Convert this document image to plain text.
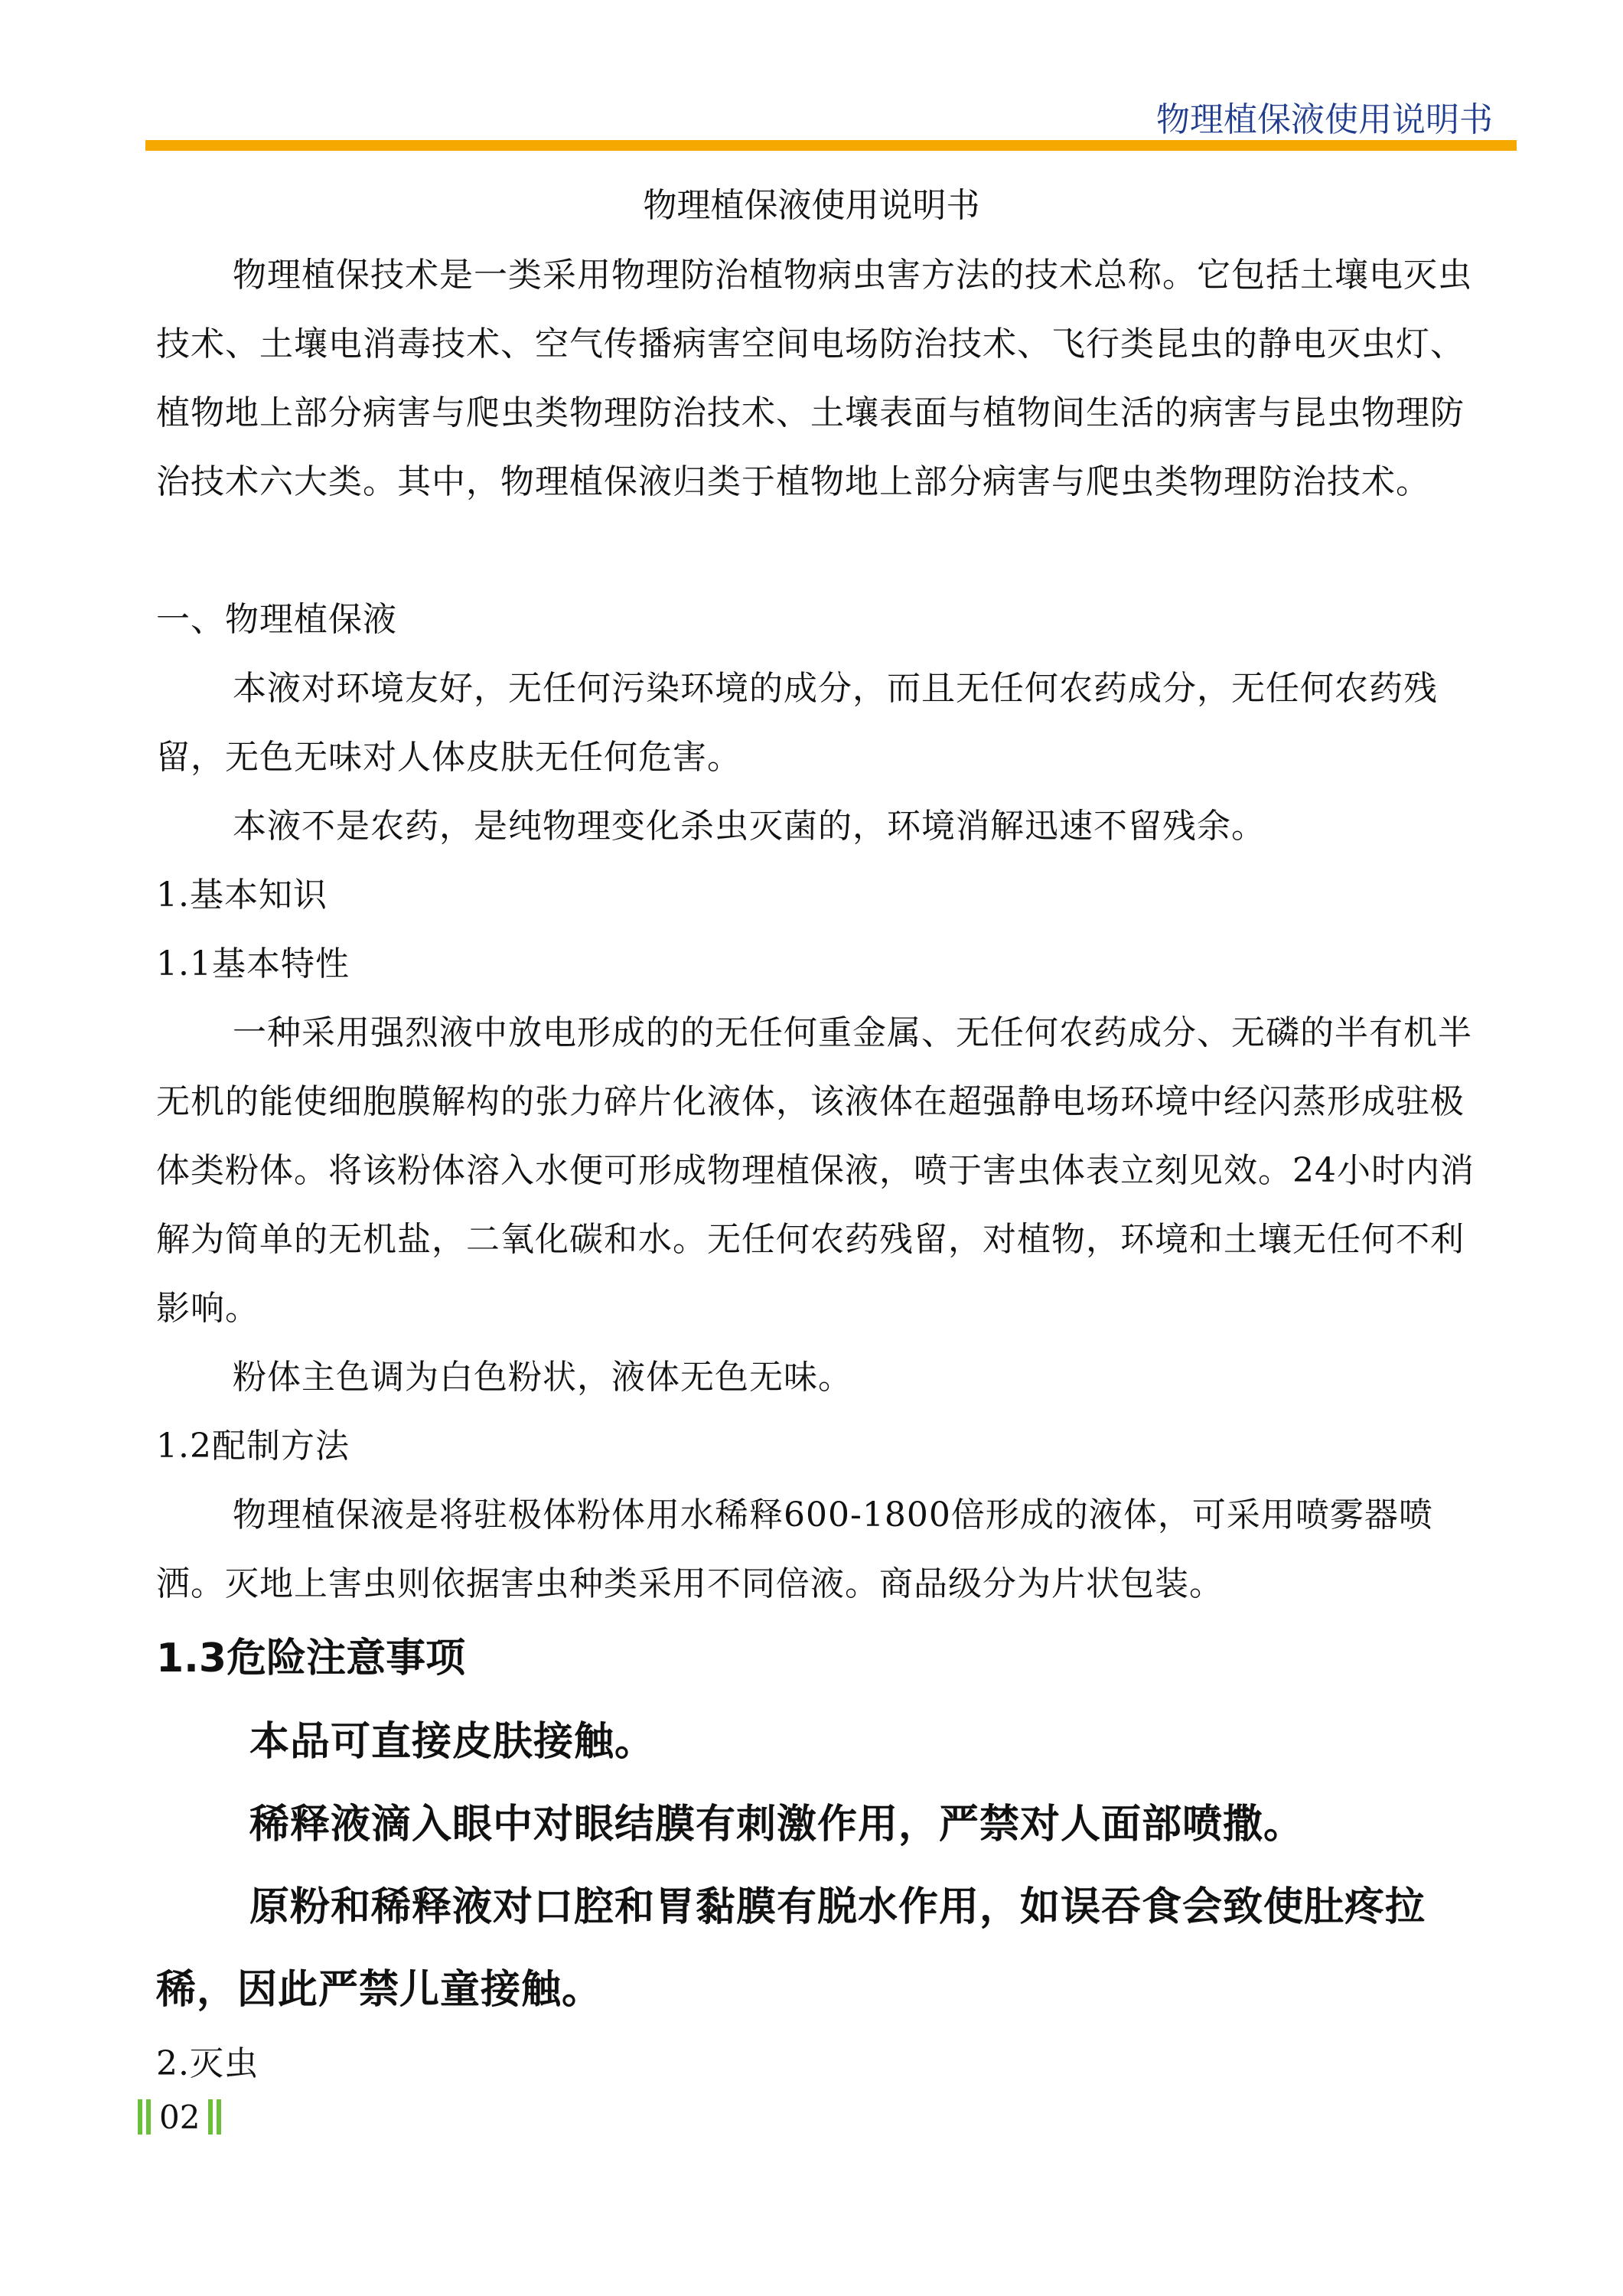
物理植保液使用说明书
物理植保液使用说明书

物理植保技术是一类采用物理防治植物病虫害方法的技术总称。它包括土壤电灭虫技术、土壤电消毒技术、空气传播病害空间电场防治技术、飞行类昆虫的静电灭虫灯、植物地上部分病害与爬虫类物理防治技术、土壤表面与植物间生活的病害与昆虫物理防治技术六大类。其中，物理植保液归类于植物地上部分病害与爬虫类物理防治技术。

一、物理植保液

本液对环境友好，无任何污染环境的成分，而且无任何农药成分，无任何农药残留，无色无味对人体皮肤无任何危害。

本液不是农药，是纯物理变化杀虫灭菌的，环境消解迅速不留残余。

1.基本知识

1.1基本特性

一种采用强烈液中放电形成的的无任何重金属、无任何农药成分、无磷的半有机半无机的能使细胞膜解构的张力碎片化液体，该液体在超强静电场环境中经闪蒸形成驻极体类粉体。将该粉体溶入水便可形成物理植保液，喷于害虫体表立刻见效。24小时内消解为简单的无机盐，二氧化碳和水。无任何农药残留，对植物，环境和土壤无任何不利影响。

粉体主色调为白色粉状，液体无色无味。

1.2配制方法

物理植保液是将驻极体粉体用水稀释600-1800倍形成的液体，可采用喷雾器喷洒。灭地上害虫则依据害虫种类采用不同倍液。商品级分为片状包装。

1.3危险注意事项

本品可直接皮肤接触。

稀释液滴入眼中对眼结膜有刺激作用，严禁对人面部喷撒。

原粉和稀释液对口腔和胃黏膜有脱水作用，如误吞食会致使肚疼拉稀，因此严禁儿童接触。

2.灭虫

02
